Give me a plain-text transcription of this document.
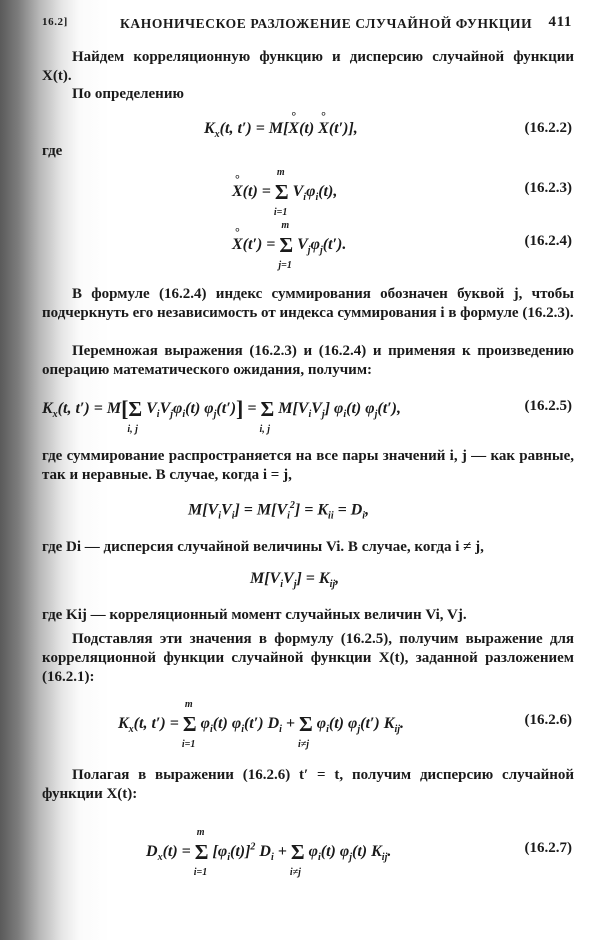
16.2]	КАНОНИЧЕСКОЕ РАЗЛОЖЕНИЕ СЛУЧАЙНОЙ ФУНКЦИИ 411
Найдем корреляционную функцию и дисперсию случайной функции X(t).
По определению
$K_x(t$, t′) = M[° X(t) ° X(t′)],	(16.2.2)
где
° X(t) = Σ
m
i=1
$V_i\varphi_i(t)$,	(16.2.3)
° X(t′) = Σ
m
j=1
$V_j\varphi_j(t')$.	(16.2.4)
В формуле (16.2.4) индекс суммирования обозначен буквой j, чтобы подчеркнуть его независимость от индекса суммирования i в формуле (16.2.3).
Перемножая выражения (16.2.3) и (16.2.4) и применяя к произведению операцию математического ожидания, получим:
$K_x(t$, t′) = M[Σ
i, j
$V_iV_j\varphi_i(t) \varphi_j(t')] = \Sigma$
i, j
$M[V_iV_j]$ $\varphi_i(t)$ $\varphi_j(t')$,	(16.2.5)
где суммирование распространяется на все пары значений i, j — как равные, так и неравные. В случае, когда i = j,
$M[V_iV_i] = M[V_i^2] = K_{ii} = D_i$,
где Di — дисперсия случайной величины Vi. В случае, когда i ≠ j,
$M[V_iV_j] = K_{ij}$,
где Kij — корреляционный момент случайных величин Vi, Vj.
Подставляя эти значения в формулу (16.2.5), получим выражение для корреляционной функции случайной функции X(t), заданной разложением (16.2.1):
$K_x(t$, t′) = Σ
m
i=1
$\varphi_i(t)$ $\varphi_i(t') D_i + \Sigma$
i≠j
$\varphi_i(t)$ $\varphi_j(t')$ $K_{ij}$.	(16.2.6)
Полагая в выражении (16.2.6) t′ = t, получим дисперсию случайной функции X(t):
$D_x(t) = \Sigma$
m
i=1
$[\varphi_i(t)]^2$ $D_i + \Sigma$
i≠j
$\varphi_i(t)$ $\varphi_j(t)$ $K_{ij}$.	(16.2.7)
